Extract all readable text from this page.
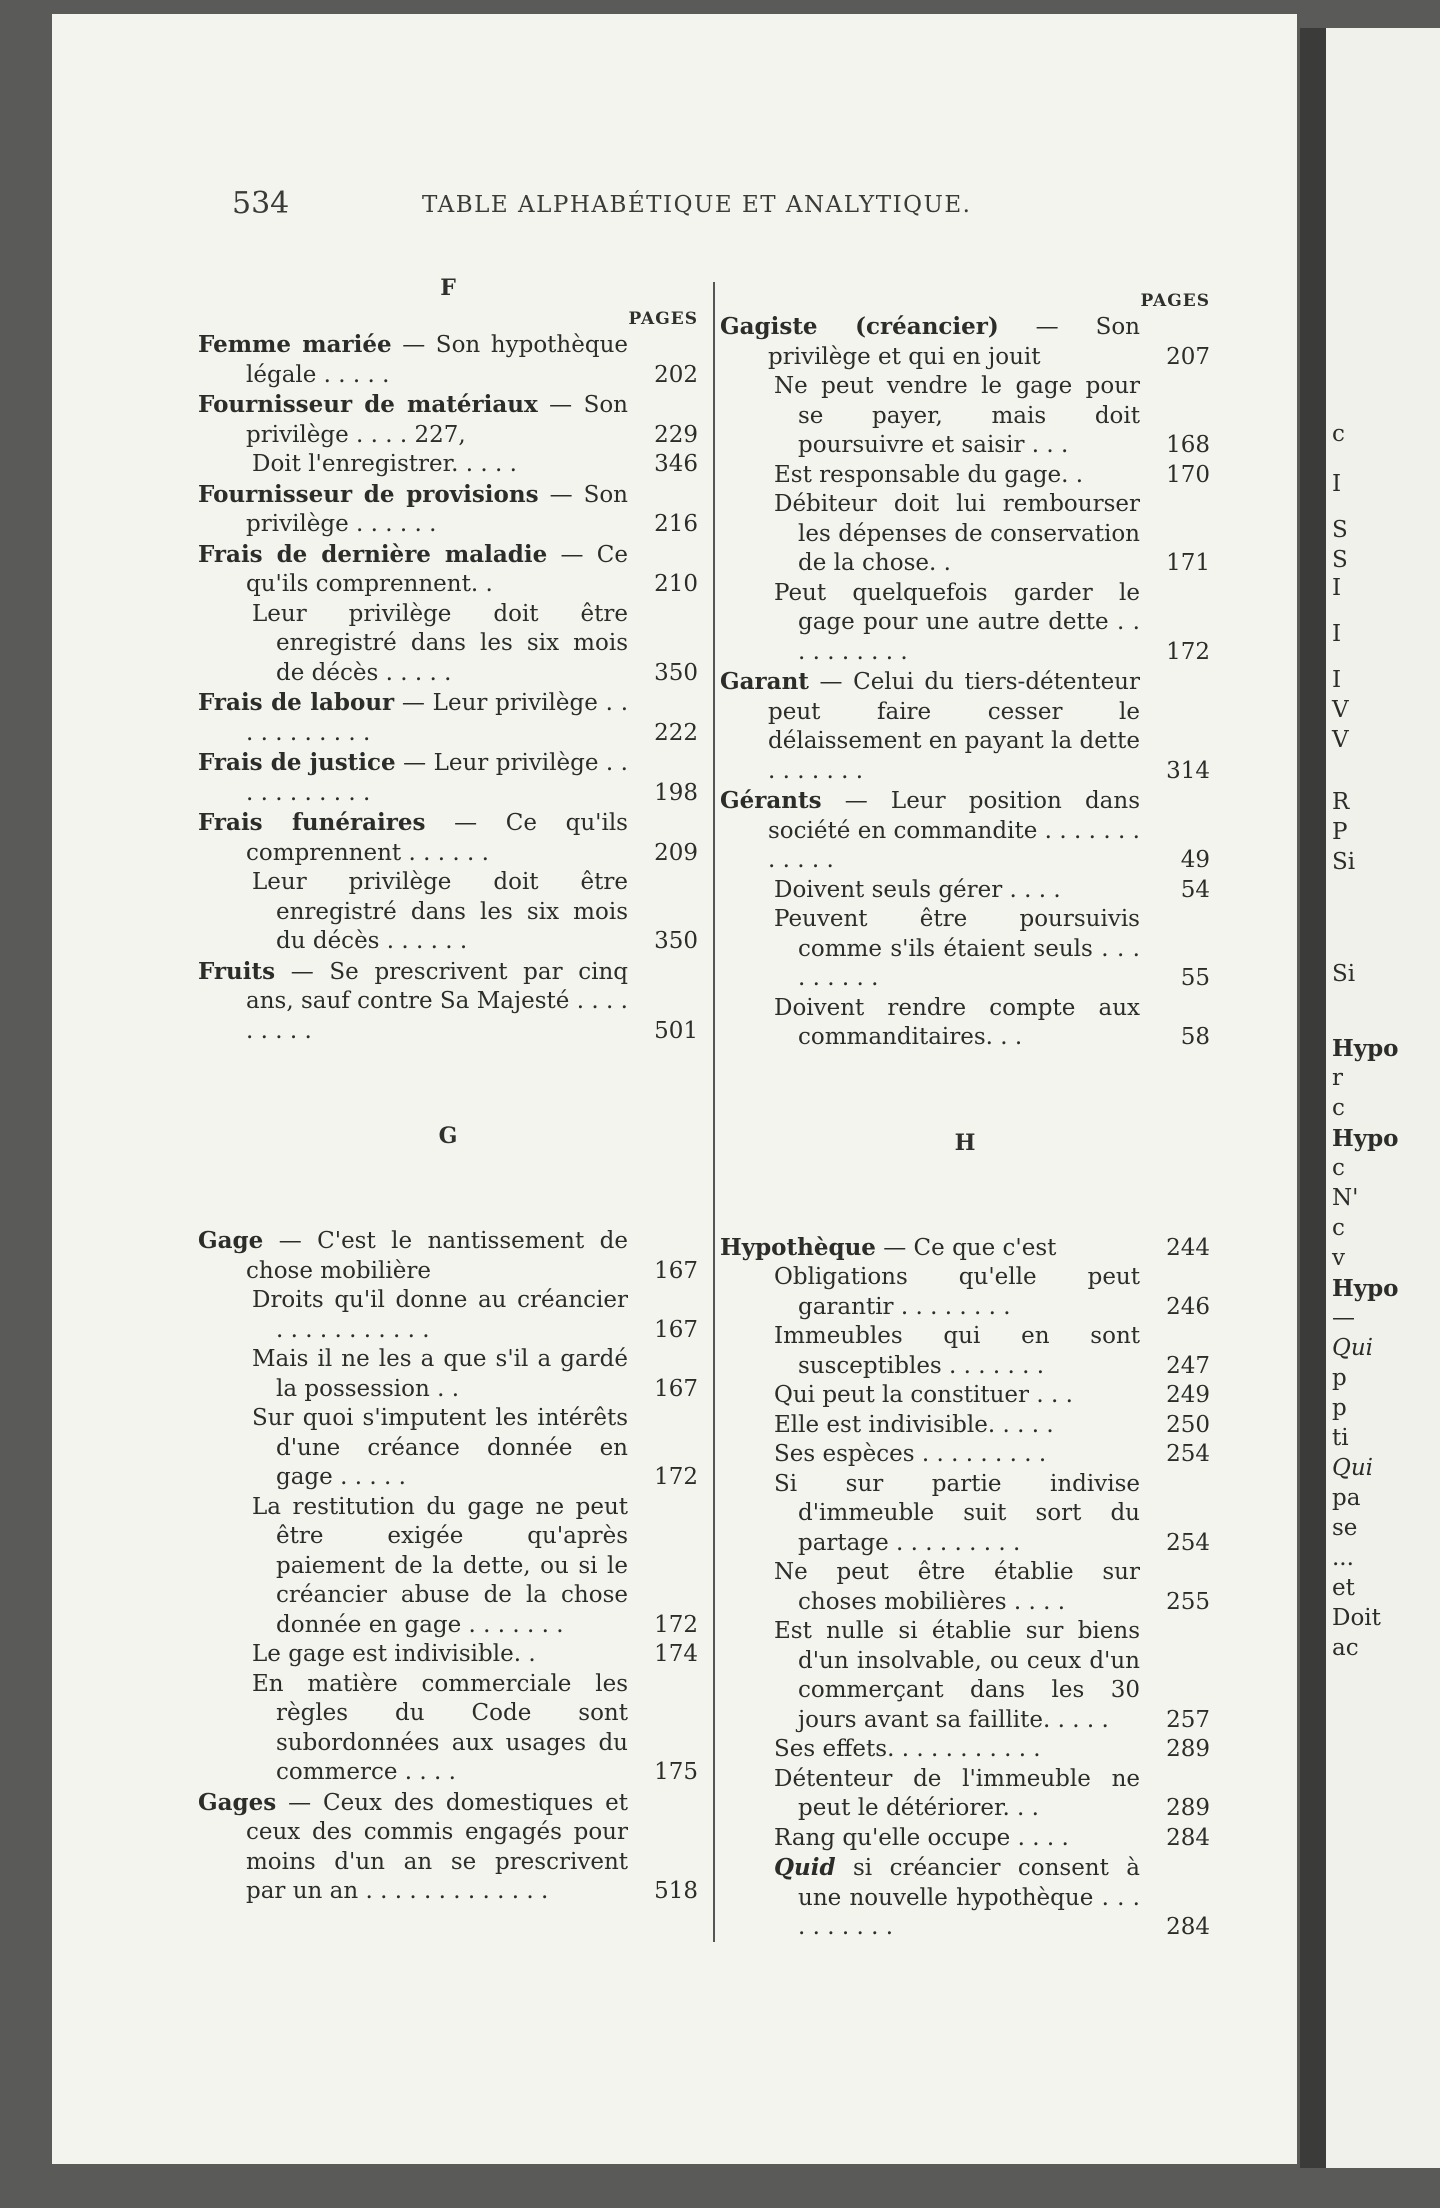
c
I
S
S
I
I
I
V
V
R
P
Si
Si
Hypo
r
c
Hypo
c
N'
c
v
Hypo
—
Qui
p
p
ti
Qui
pa
se
...
et
Doit
ac
534	TABLE ALPHABÉTIQUE ET ANALYTIQUE.
F
PAGES
Femme mariée — Son hypothèque légale . . . . .	202
Fournisseur de matériaux — Son privilège . . . . 227,	229
Doit l'enregistrer. . . . .	346
Fournisseur de provisions — Son privilège . . . . . .	216
Frais de dernière maladie — Ce qu'ils comprennent. .	210
Leur privilège doit être enregistré dans les six mois de décès . . . . .	350
Frais de labour — Leur privilège . . . . . . . . . . .	222
Frais de justice — Leur privilège . . . . . . . . . . .	198
Frais funéraires — Ce qu'ils comprennent . . . . . .	209
Leur privilège doit être enregistré dans les six mois du décès . . . . . .	350
Fruits — Se prescrivent par cinq ans, sauf contre Sa Majesté . . . . . . . . .	501
G
Gage — C'est le nantissement de chose mobilière	167
Droits qu'il donne au créancier . . . . . . . . . . .	167
Mais il ne les a que s'il a gardé la possession . .	167
Sur quoi s'imputent les intérêts d'une créance donnée en gage . . . . .	172
La restitution du gage ne peut être exigée qu'après paiement de la dette, ou si le créancier abuse de la chose donnée en gage . . . . . . .	172
Le gage est indivisible. .	174
En matière commerciale les règles du Code sont subordonnées aux usages du commerce . . . .	175
Gages — Ceux des domestiques et ceux des commis engagés pour moins d'un an se prescrivent par un an . . . . . . . . . . . . .	518
PAGES
Gagiste (créancier) — Son privilège et qui en jouit	207
Ne peut vendre le gage pour se payer, mais doit poursuivre et saisir . . .	168
Est responsable du gage. .	170
Débiteur doit lui rembourser les dépenses de conservation de la chose. .	171
Peut quelquefois garder le gage pour une autre dette . . . . . . . . . .	172
Garant — Celui du tiers-détenteur peut faire cesser le délaissement en payant la dette . . . . . . .	314
Gérants — Leur position dans société en commandite . . . . . . . . . . . .	49
Doivent seuls gérer . . . .	54
Peuvent être poursuivis comme s'ils étaient seuls . . . . . . . . .	55
Doivent rendre compte aux commanditaires. . .	58
H
Hypothèque — Ce que c'est	244
Obligations qu'elle peut garantir . . . . . . . .	246
Immeubles qui en sont susceptibles . . . . . . .	247
Qui peut la constituer . . .	249
Elle est indivisible. . . . .	250
Ses espèces . . . . . . . . .	254
Si sur partie indivise d'immeuble suit sort du partage . . . . . . . . .	254
Ne peut être établie sur choses mobilières . . . .	255
Est nulle si établie sur biens d'un insolvable, ou ceux d'un commerçant dans les 30 jours avant sa faillite. . . . .	257
Ses effets. . . . . . . . . . .	289
Détenteur de l'immeuble ne peut le détériorer. . .	289
Rang qu'elle occupe . . . .	284
Quid si créancier consent à une nouvelle hypothèque . . . . . . . . . .	284
